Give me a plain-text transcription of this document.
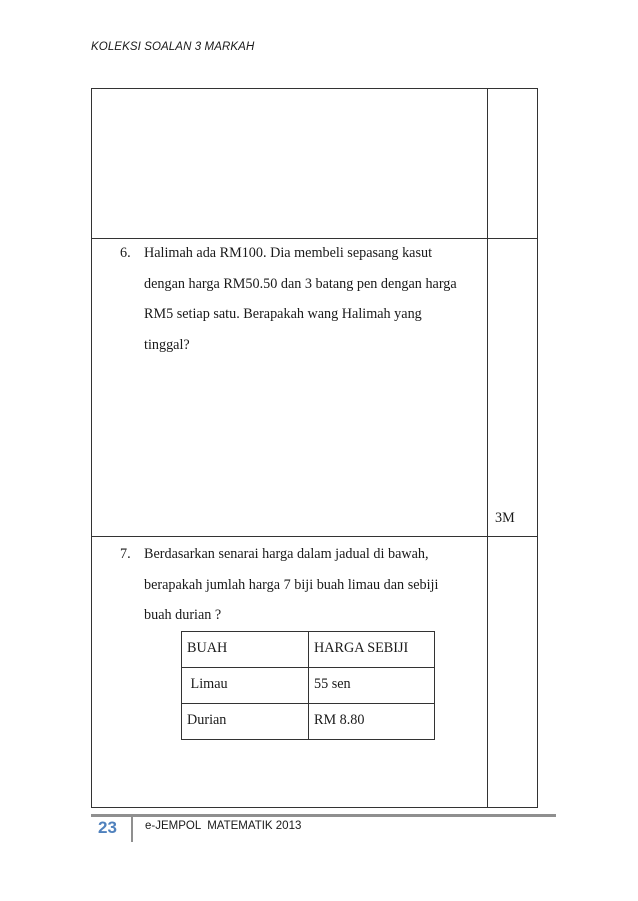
KOLEKSI SOALAN 3 MARKAH
6. Halimah ada RM100. Dia membeli sepasang kasut
dengan harga RM50.50 dan 3 batang pen dengan harga
RM5 setiap satu. Berapakah wang Halimah yang
tinggal?
3M
7. Berdasarkan senarai harga dalam jadual di bawah,
berapakah jumlah harga 7 biji buah limau dan sebiji
buah durian ?
BUAH	HARGA SEBIJI
Limau	55 sen
Durian	RM 8.80
23 e-JEMPOL  MATEMATIK 2013
